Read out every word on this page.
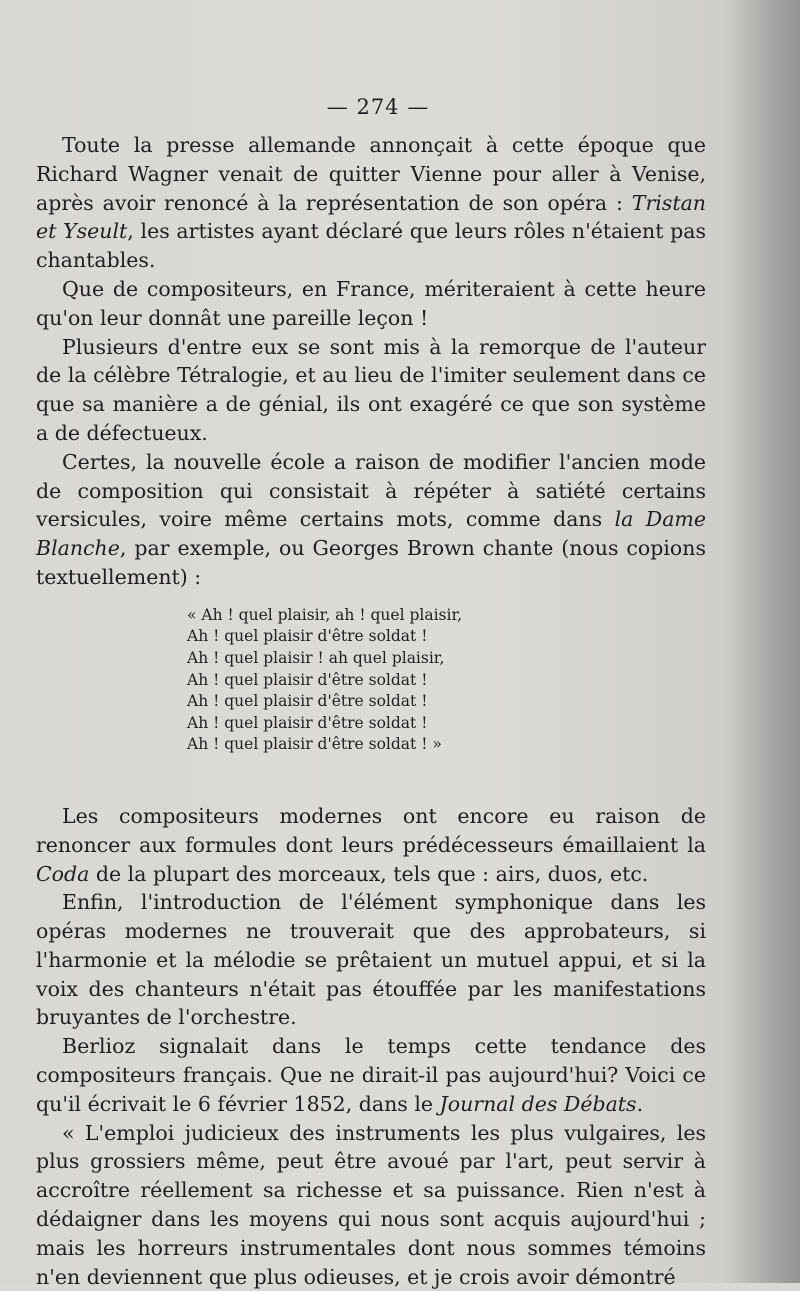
— 274 —

Toute la presse allemande annonçait à cette époque que Richard Wagner venait de quitter Vienne pour aller à Venise, après avoir renoncé à la représentation de son opéra : Tristan et Yseult, les artistes ayant déclaré que leurs rôles n'étaient pas chantables.

Que de compositeurs, en France, mériteraient à cette heure qu'on leur donnât une pareille leçon !

Plusieurs d'entre eux se sont mis à la remorque de l'auteur de la célèbre Tétralogie, et au lieu de l'imiter seulement dans ce que sa manière a de génial, ils ont exagéré ce que son système a de défectueux.

Certes, la nouvelle école a raison de modifier l'ancien mode de composition qui consistait à répéter à satiété certains versicules, voire même certains mots, comme dans la Dame Blanche, par exemple, ou Georges Brown chante (nous copions textuellement) :

« Ah ! quel plaisir, ah ! quel plaisir,
Ah ! quel plaisir d'être soldat !
Ah ! quel plaisir ! ah quel plaisir,
Ah ! quel plaisir d'être soldat !
Ah ! quel plaisir d'être soldat !
Ah ! quel plaisir d'être soldat !
Ah ! quel plaisir d'être soldat ! »

Les compositeurs modernes ont encore eu raison de renoncer aux formules dont leurs prédécesseurs émaillaient la Coda de la plupart des morceaux, tels que : airs, duos, etc.

Enfin, l'introduction de l'élément symphonique dans les opéras modernes ne trouverait que des approbateurs, si l'harmonie et la mélodie se prêtaient un mutuel appui, et si la voix des chanteurs n'était pas étouffée par les manifestations bruyantes de l'orchestre.

Berlioz signalait dans le temps cette tendance des compositeurs français. Que ne dirait-il pas aujourd'hui? Voici ce qu'il écrivait le 6 février 1852, dans le Journal des Débats.

« L'emploi judicieux des instruments les plus vulgaires, les plus grossiers même, peut être avoué par l'art, peut servir à accroître réellement sa richesse et sa puissance. Rien n'est à dédaigner dans les moyens qui nous sont acquis aujourd'hui ; mais les horreurs instrumentales dont nous sommes témoins n'en deviennent que plus odieuses, et je crois avoir démontré
